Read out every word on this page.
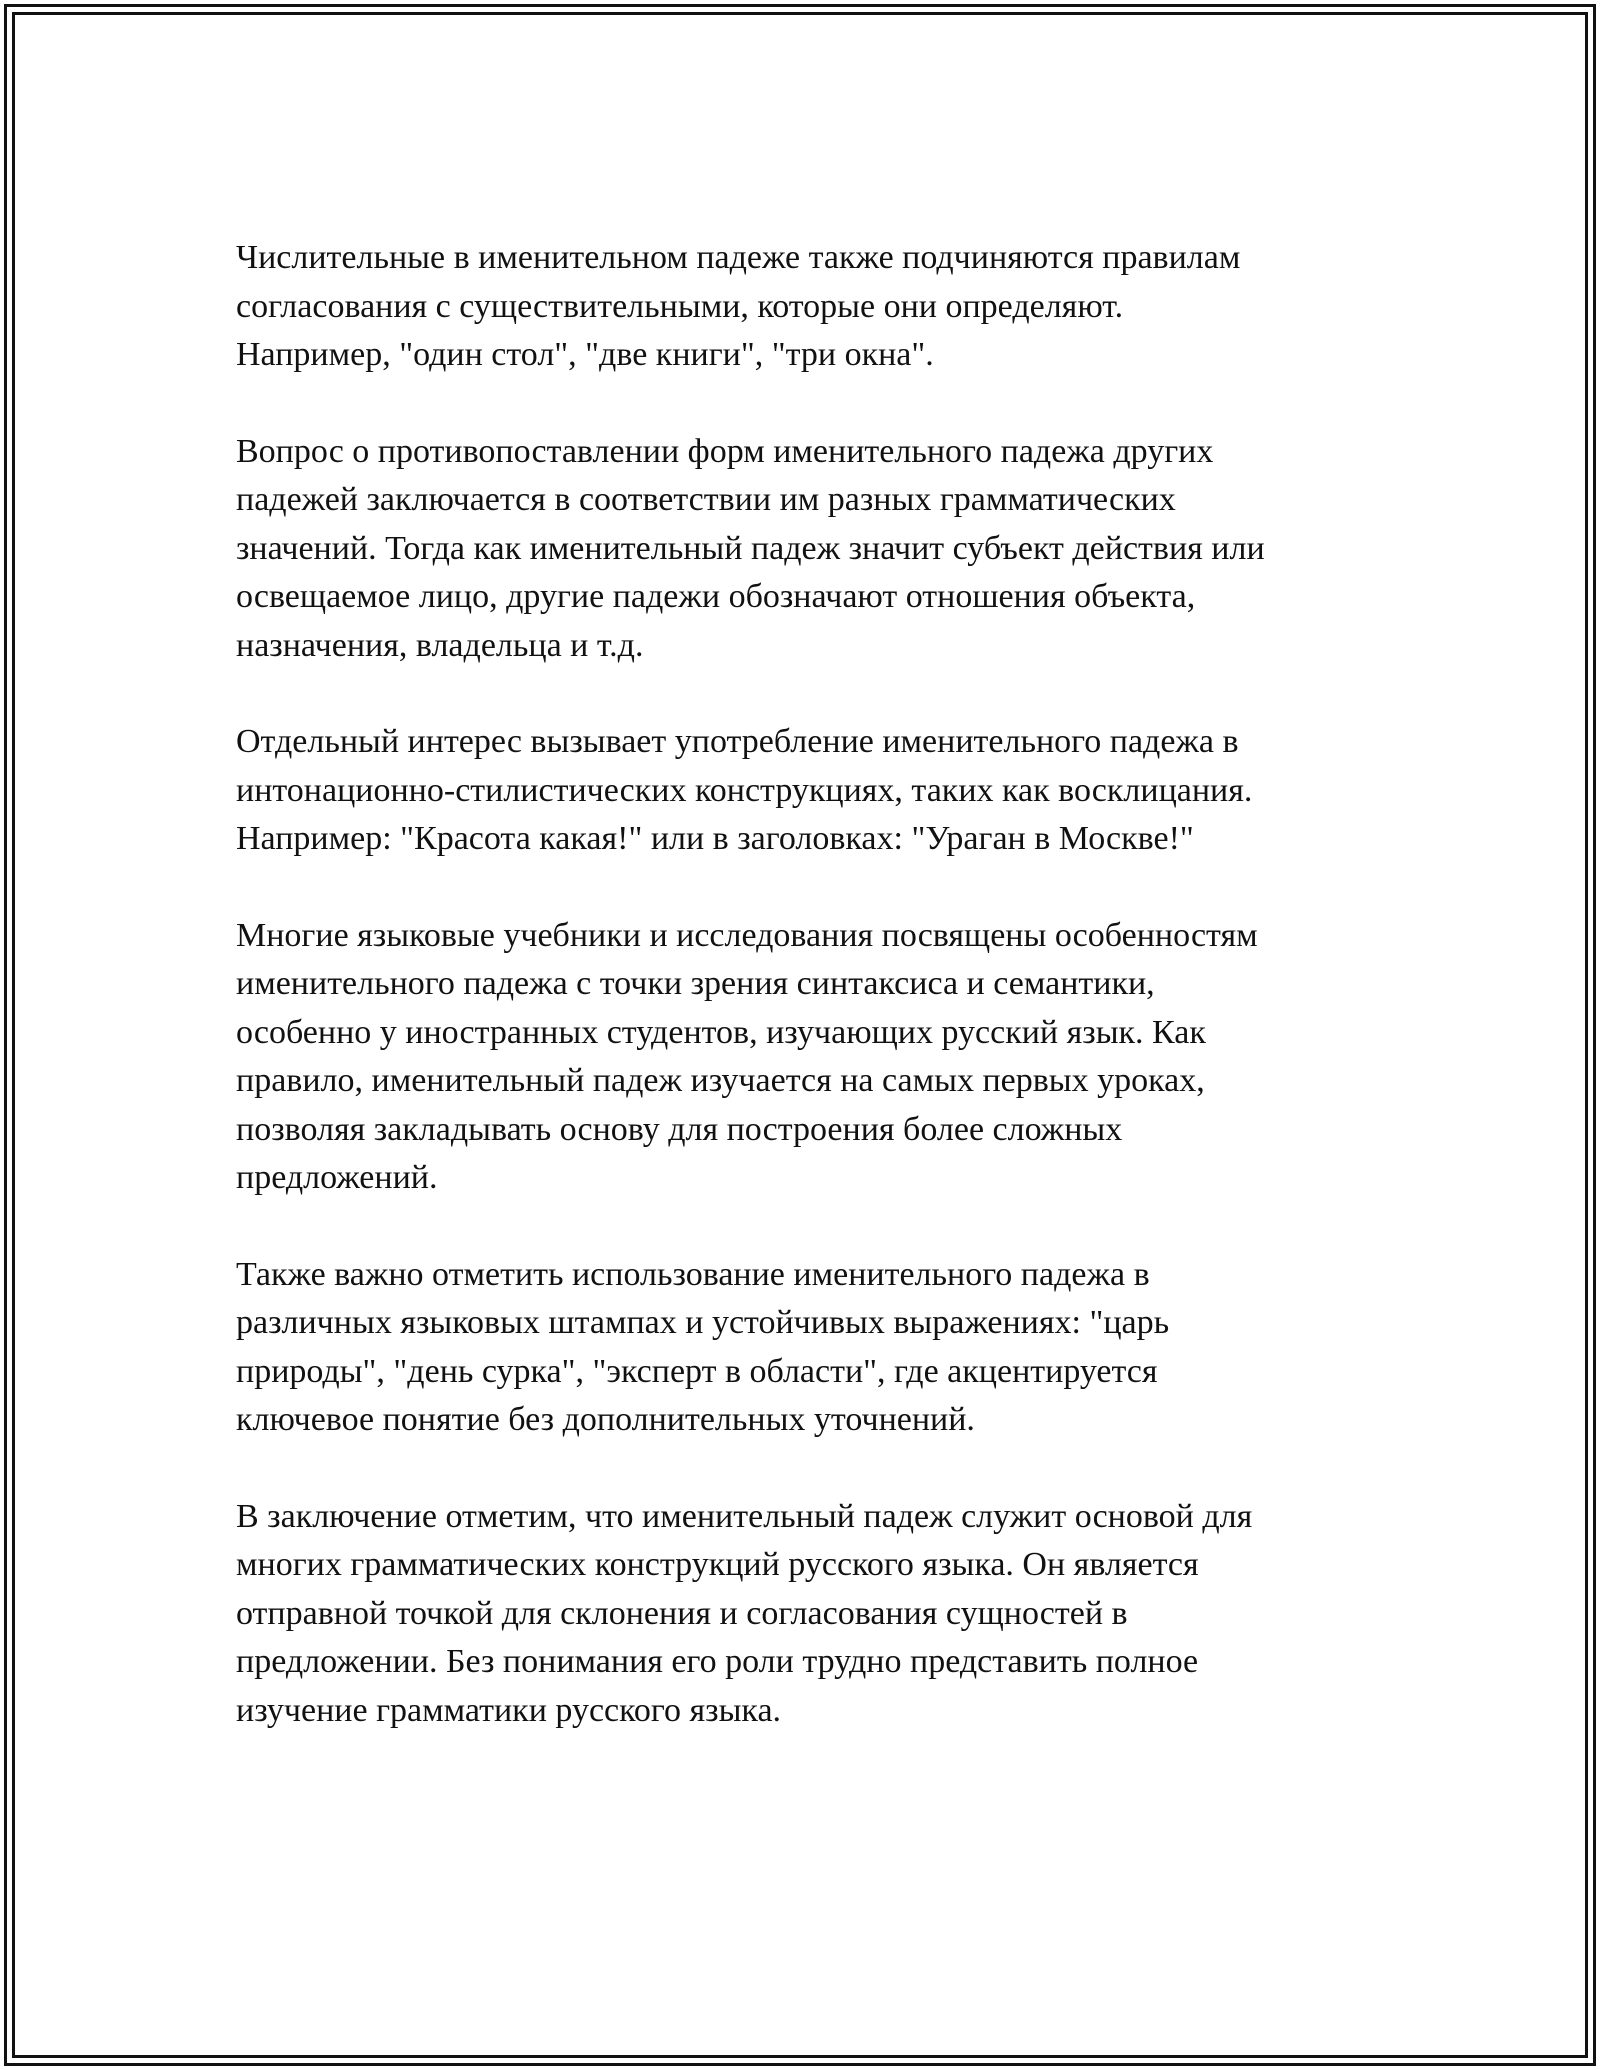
Числительные в именительном падеже также подчиняются правилам
согласования с существительными, которые они определяют.
Например, "один стол", "две книги", "три окна".

Вопрос о противопоставлении форм именительного падежа других
падежей заключается в соответствии им разных грамматических
значений. Тогда как именительный падеж значит субъект действия или
освещаемое лицо, другие падежи обозначают отношения объекта,
назначения, владельца и т.д.

Отдельный интерес вызывает употребление именительного падежа в
интонационно-стилистических конструкциях, таких как восклицания.
Например: "Красота какая!" или в заголовках: "Ураган в Москве!"

Многие языковые учебники и исследования посвящены особенностям
именительного падежа с точки зрения синтаксиса и семантики,
особенно у иностранных студентов, изучающих русский язык. Как
правило, именительный падеж изучается на самых первых уроках,
позволяя закладывать основу для построения более сложных
предложений.

Также важно отметить использование именительного падежа в
различных языковых штампах и устойчивых выражениях: "царь
природы", "день сурка", "эксперт в области", где акцентируется
ключевое понятие без дополнительных уточнений.

В заключение отметим, что именительный падеж служит основой для
многих грамматических конструкций русского языка. Он является
отправной точкой для склонения и согласования сущностей в
предложении. Без понимания его роли трудно представить полное
изучение грамматики русского языка.
